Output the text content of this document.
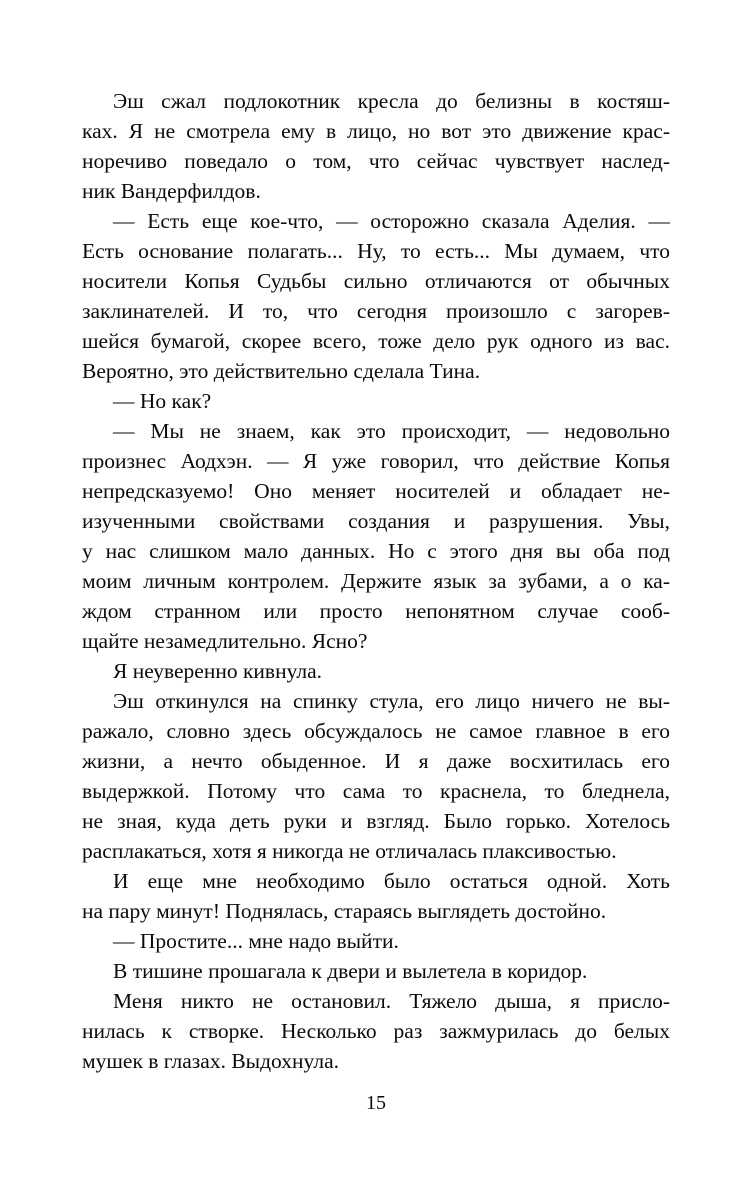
Эш сжал подлокотник кресла до белизны в костяш-
ках. Я не смотрела ему в лицо, но вот это движение крас-
норечиво поведало о том, что сейчас чувствует наслед-
ник Вандерфилдов.
— Есть еще кое-что, — осторожно сказала Аделия. —
Есть основание полагать... Ну, то есть... Мы думаем, что
носители Копья Судьбы сильно отличаются от обычных
заклинателей. И то, что сегодня произошло с загорев-
шейся бумагой, скорее всего, тоже дело рук одного из вас.
Вероятно, это действительно сделала Тина.
— Но как?
— Мы не знаем, как это происходит, — недовольно
произнес Аодхэн. — Я уже говорил, что действие Копья
непредсказуемо! Оно меняет носителей и обладает не-
изученными свойствами создания и разрушения. Увы,
у нас слишком мало данных. Но с этого дня вы оба под
моим личным контролем. Держите язык за зубами, а о ка-
ждом странном или просто непонятном случае сооб-
щайте незамедлительно. Ясно?
Я неуверенно кивнула.
Эш откинулся на спинку стула, его лицо ничего не вы-
ражало, словно здесь обсуждалось не самое главное в его
жизни, а нечто обыденное. И я даже восхитилась его
выдержкой. Потому что сама то краснела, то бледнела,
не зная, куда деть руки и взгляд. Было горько. Хотелось
расплакаться, хотя я никогда не отличалась плаксивостью.
И еще мне необходимо было остаться одной. Хоть
на пару минут! Поднялась, стараясь выглядеть достойно.
— Простите... мне надо выйти.
В тишине прошагала к двери и вылетела в коридор.
Меня никто не остановил. Тяжело дыша, я присло-
нилась к створке. Несколько раз зажмурилась до белых
мушек в глазах. Выдохнула.
15
